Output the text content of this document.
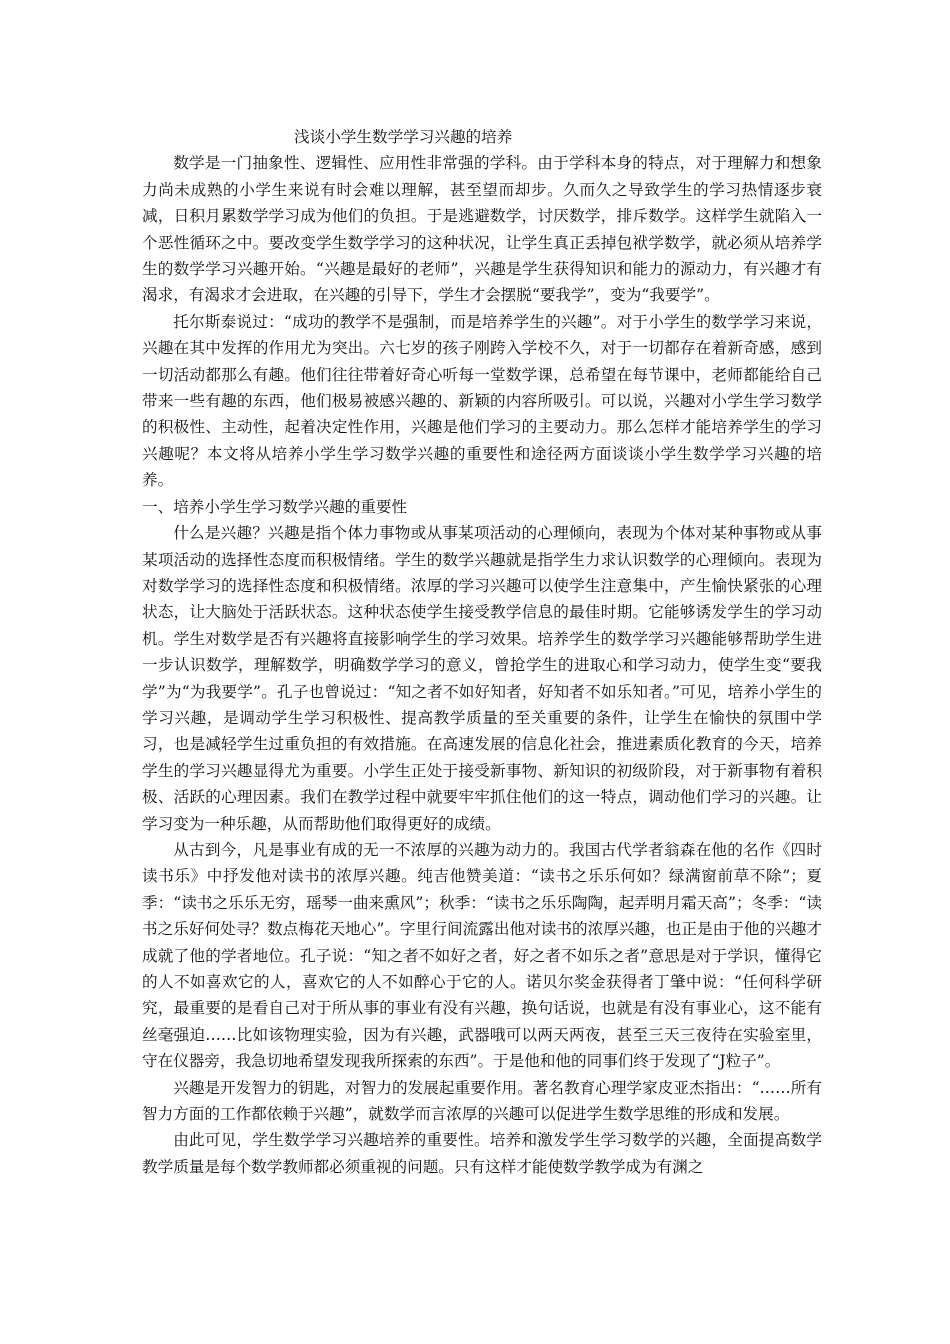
浅谈小学生数学学习兴趣的培养

数学是一门抽象性、逻辑性、应用性非常强的学科。由于学科本身的特点，对于理解力和想象力尚未成熟的小学生来说有时会难以理解，甚至望而却步。久而久之导致学生的学习热情逐步衰减，日积月累数学学习成为他们的负担。于是逃避数学，讨厌数学，排斥数学。这样学生就陷入一个恶性循环之中。要改变学生数学学习的这种状况，让学生真正丢掉包袱学数学，就必须从培养学生的数学学习兴趣开始。“兴趣是最好的老师”，兴趣是学生获得知识和能力的源动力，有兴趣才有渴求，有渴求才会进取，在兴趣的引导下，学生才会摆脱“要我学”，变为“我要学”。

托尔斯泰说过：“成功的教学不是强制，而是培养学生的兴趣”。对于小学生的数学学习来说，兴趣在其中发挥的作用尤为突出。六七岁的孩子刚跨入学校不久，对于一切都存在着新奇感，感到一切活动都那么有趣。他们往往带着好奇心听每一堂数学课，总希望在每节课中，老师都能给自己带来一些有趣的东西，他们极易被感兴趣的、新颖的内容所吸引。可以说，兴趣对小学生学习数学的积极性、主动性，起着决定性作用，兴趣是他们学习的主要动力。那么怎样才能培养学生的学习兴趣呢？本文将从培养小学生学习数学兴趣的重要性和途径两方面谈谈小学生数学学习兴趣的培养。

一、培养小学生学习数学兴趣的重要性

什么是兴趣？兴趣是指个体力事物或从事某项活动的心理倾向，表现为个体对某种事物或从事某项活动的选择性态度而积极情绪。学生的数学兴趣就是指学生力求认识数学的心理倾向。表现为对数学学习的选择性态度和积极情绪。浓厚的学习兴趣可以使学生注意集中，产生愉快紧张的心理状态，让大脑处于活跃状态。这种状态使学生接受教学信息的最佳时期。它能够诱发学生的学习动机。学生对数学是否有兴趣将直接影响学生的学习效果。培养学生的数学学习兴趣能够帮助学生进一步认识数学，理解数学，明确数学学习的意义，曾抢学生的进取心和学习动力，使学生变“要我学”为“为我要学”。孔子也曾说过：“知之者不如好知者，好知者不如乐知者。”可见，培养小学生的学习兴趣，是调动学生学习积极性、提高教学质量的至关重要的条件，让学生在愉快的氛围中学习，也是减轻学生过重负担的有效措施。在高速发展的信息化社会，推进素质化教育的今天，培养学生的学习兴趣显得尤为重要。小学生正处于接受新事物、新知识的初级阶段，对于新事物有着积极、活跃的心理因素。我们在教学过程中就要牢牢抓住他们的这一特点，调动他们学习的兴趣。让学习变为一种乐趣，从而帮助他们取得更好的成绩。

从古到今，凡是事业有成的无一不浓厚的兴趣为动力的。我国古代学者翁森在他的名作《四时读书乐》中抒发他对读书的浓厚兴趣。纯吉他赞美道：“读书之乐乐何如？绿满窗前草不除”；夏季：“读书之乐乐无穷，瑶琴一曲来熏风”；秋季：“读书之乐乐陶陶，起弄明月霜天高”；冬季：“读书之乐好何处寻？数点梅花天地心”。字里行间流露出他对读书的浓厚兴趣，也正是由于他的兴趣才成就了他的学者地位。孔子说：“知之者不如好之者，好之者不如乐之者”意思是对于学识，懂得它的人不如喜欢它的人，喜欢它的人不如醉心于它的人。诺贝尔奖金获得者丁肇中说：“任何科学研究，最重要的是看自己对于所从事的事业有没有兴趣，换句话说，也就是有没有事业心，这不能有丝毫强迫……比如该物理实验，因为有兴趣，武器哦可以两天两夜，甚至三天三夜待在实验室里，守在仪器旁，我急切地希望发现我所探索的东西”。于是他和他的同事们终于发现了“J粒子”。

兴趣是开发智力的钥匙，对智力的发展起重要作用。著名教育心理学家皮亚杰指出：“……所有智力方面的工作都依赖于兴趣”，就数学而言浓厚的兴趣可以促进学生数学思维的形成和发展。

由此可见，学生数学学习兴趣培养的重要性。培养和激发学生学习数学的兴趣，全面提高数学教学质量是每个数学教师都必须重视的问题。只有这样才能使数学教学成为有渊之
